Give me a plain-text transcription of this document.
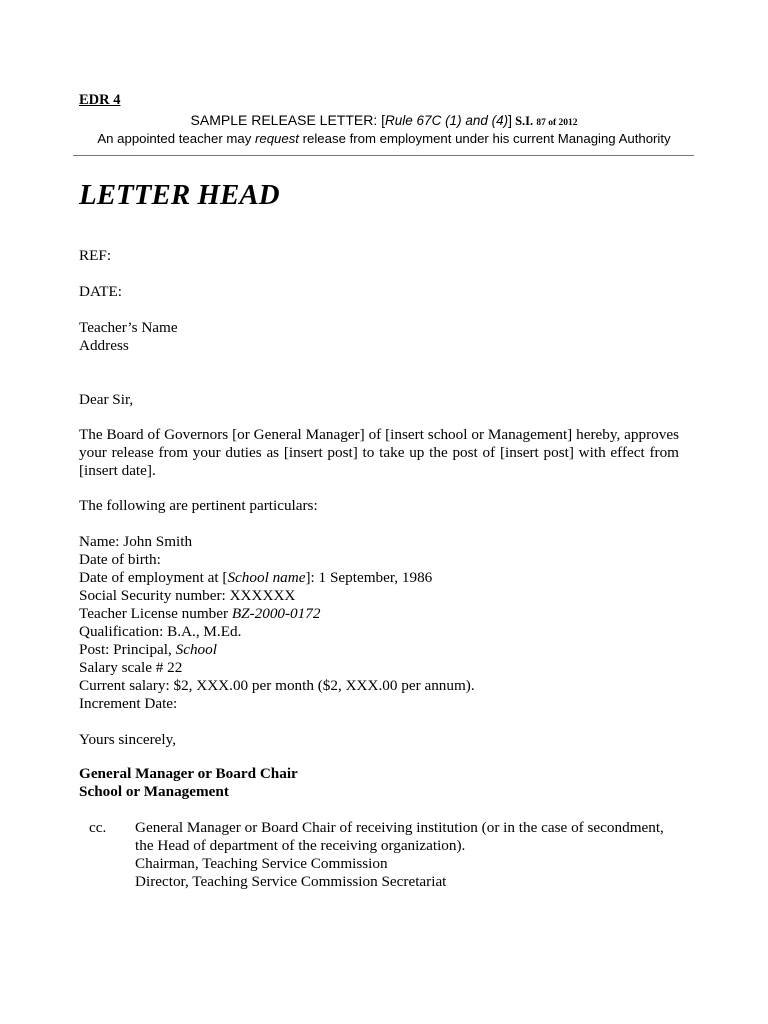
EDR 4
SAMPLE RELEASE LETTER: [Rule 67C (1) and (4)] S.I. 87 of 2012
An appointed teacher may request release from employment under his current Managing Authority
LETTER HEAD
REF:
DATE:
Teacher’s Name
Address
Dear Sir,
The Board of Governors [or General Manager] of [insert school or Management] hereby, approves
your release from your duties as [insert post] to take up the post of [insert post] with effect from
[insert date].
The following are pertinent particulars:
Name: John Smith
Date of birth:
Date of employment at [School name]: 1 September, 1986
Social Security number: XXXXXX
Teacher License number BZ-2000-0172
Qualification: B.A., M.Ed.
Post: Principal, School
Salary scale # 22
Current salary: $2, XXX.00 per month ($2, XXX.00 per annum).
Increment Date:
Yours sincerely,
General Manager or Board Chair
School or Management
cc. General Manager or Board Chair of receiving institution (or in the case of secondment,
the Head of department of the receiving organization).
Chairman, Teaching Service Commission
Director, Teaching Service Commission Secretariat
